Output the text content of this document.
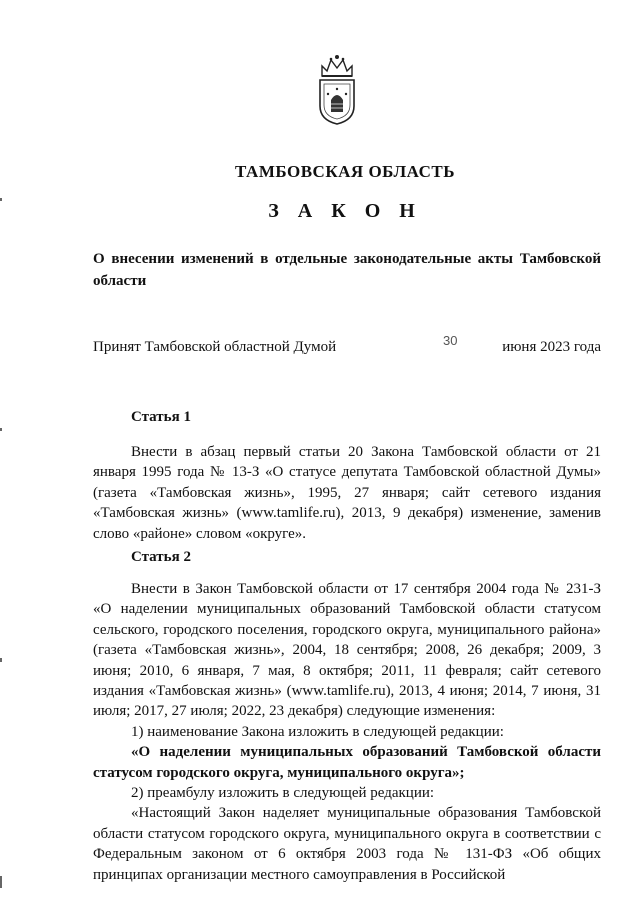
ТАМБОВСКАЯ ОБЛАСТЬ
З А К О Н
О внесении изменений в отдельные законодательные акты Тамбовской области
Принят Тамбовской областной Думой	30	июня 2023 года
Статья 1

Внести в абзац первый статьи 20 Закона Тамбовской области от 21 января 1995 года № 13-З «О статусе депутата Тамбовской областной Думы» (газета «Тамбовская жизнь», 1995, 27 января; сайт сетевого издания «Тамбовская жизнь» (www.tamlife.ru), 2013, 9 декабря) изменение, заменив слово «районе» словом «округе».

Статья 2

Внести в Закон Тамбовской области от 17 сентября 2004 года № 231-З «О наделении муниципальных образований Тамбовской области статусом сельского, городского поселения, городского округа, муниципального района» (газета «Тамбовская жизнь», 2004, 18 сентября; 2008, 26 декабря; 2009, 3 июня; 2010, 6 января, 7 мая, 8 октября; 2011, 11 февраля; сайт сетевого издания «Тамбовская жизнь» (www.tamlife.ru), 2013, 4 июня; 2014, 7 июня, 31 июля; 2017, 27 июля; 2022, 23 декабря) следующие изменения:

1) наименование Закона изложить в следующей редакции:

«О наделении муниципальных образований Тамбовской области статусом городского округа, муниципального округа»;

2) преамбулу изложить в следующей редакции:

«Настоящий Закон наделяет муниципальные образования Тамбовской области статусом городского округа, муниципального округа в соответствии с Федеральным законом от 6 октября 2003 года № 131-ФЗ «Об общих принципах организации местного самоуправления в Российской
